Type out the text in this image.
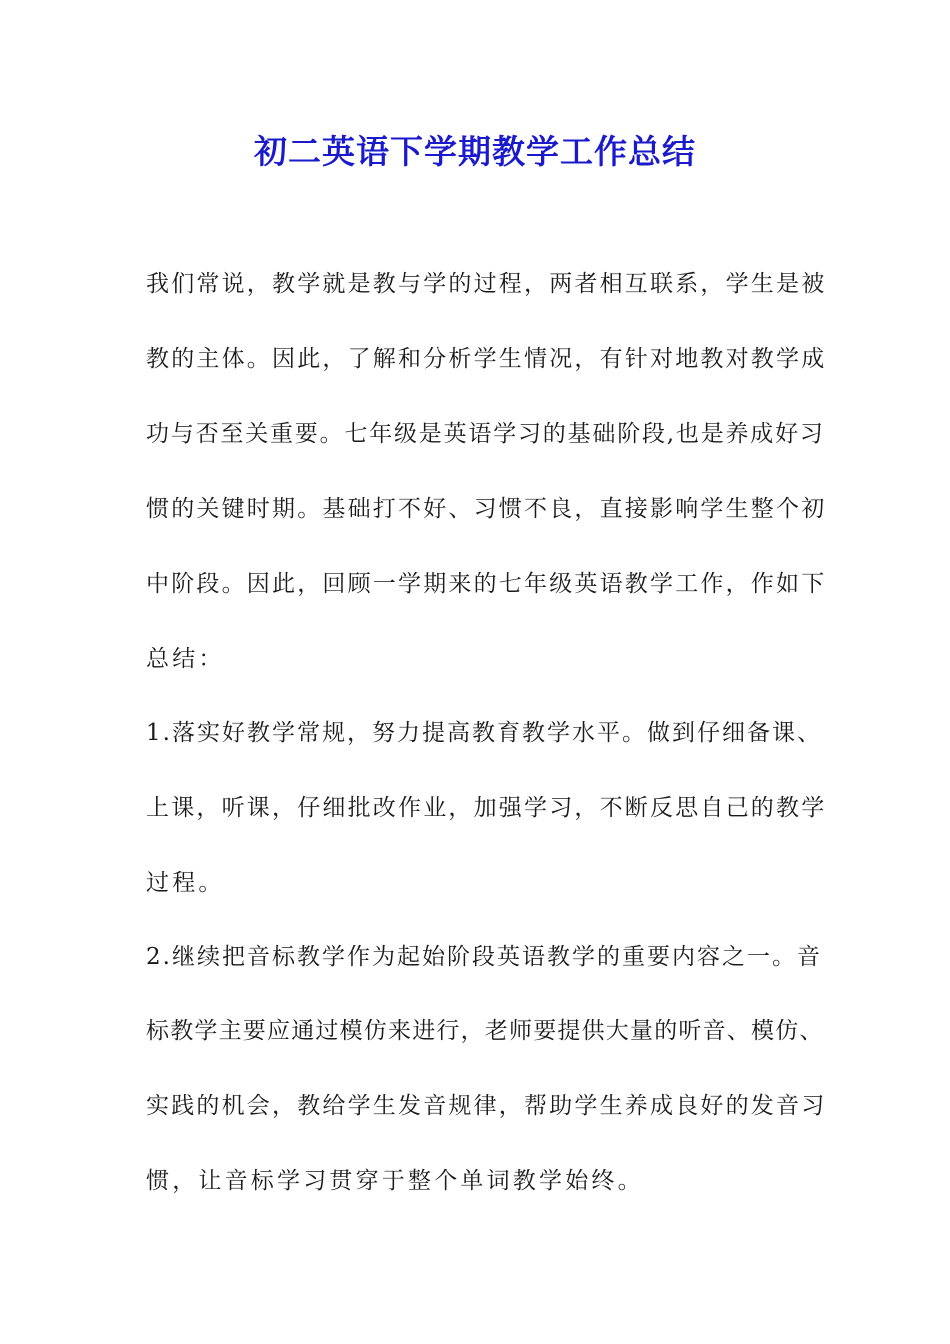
初二英语下学期教学工作总结
我们常说，教学就是教与学的过程，两者相互联系，学生是被
教的主体。因此，了解和分析学生情况，有针对地教对教学成
功与否至关重要。七年级是英语学习的基础阶段,也是养成好习
惯的关键时期。基础打不好、习惯不良，直接影响学生整个初
中阶段。因此，回顾一学期来的七年级英语教学工作，作如下
总结：
1.落实好教学常规，努力提高教育教学水平。做到仔细备课、
上课，听课，仔细批改作业，加强学习，不断反思自己的教学
过程。
2.继续把音标教学作为起始阶段英语教学的重要内容之一。音
标教学主要应通过模仿来进行，老师要提供大量的听音、模仿、
实践的机会，教给学生发音规律，帮助学生养成良好的发音习
惯，让音标学习贯穿于整个单词教学始终。
